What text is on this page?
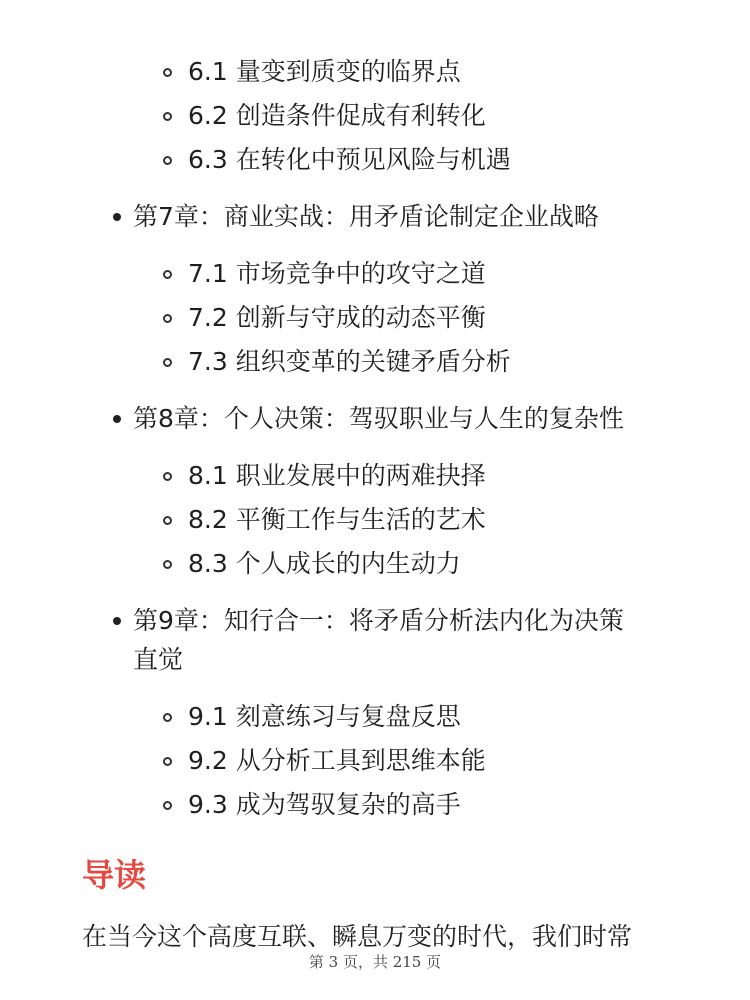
6.1 量变到质变的临界点
6.2 创造条件促成有利转化
6.3 在转化中预见风险与机遇
第7章：商业实战：用矛盾论制定企业战略
7.1 市场竞争中的攻守之道
7.2 创新与守成的动态平衡
7.3 组织变革的关键矛盾分析
第8章：个人决策：驾驭职业与人生的复杂性
8.1 职业发展中的两难抉择
8.2 平衡工作与生活的艺术
8.3 个人成长的内生动力
第9章：知行合一：将矛盾分析法内化为决策
直觉
9.1 刻意练习与复盘反思
9.2 从分析工具到思维本能
9.3 成为驾驭复杂的高手
导读
在当今这个高度互联、瞬息万变的时代，我们时常
第 3 页，共 215 页
